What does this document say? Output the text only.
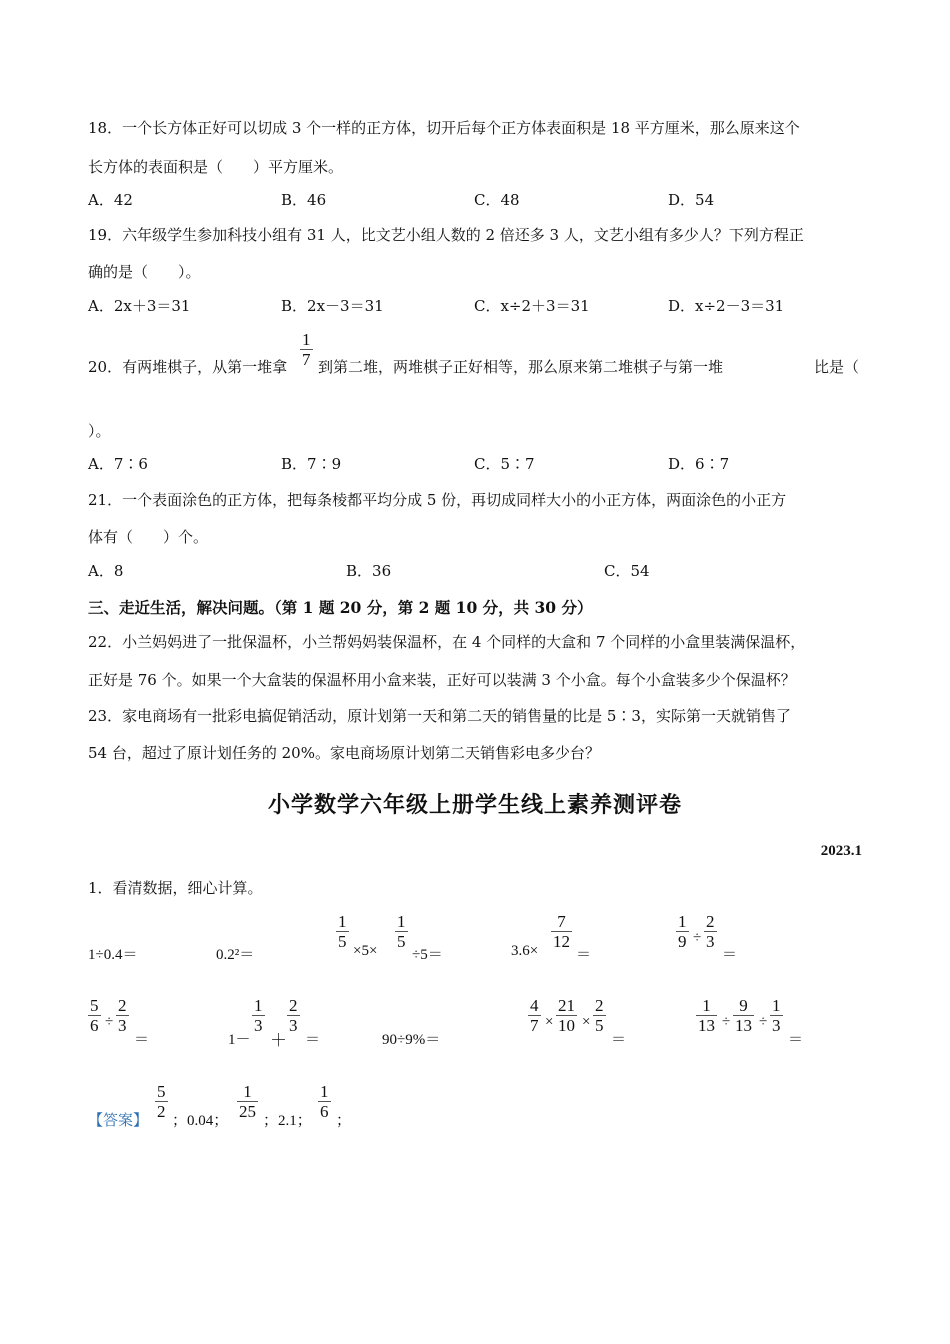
18．一个长方体正好可以切成 3 个一样的正方体，切开后每个正方体表面积是 18 平方厘米，那么原来这个
长方体的表面积是（　　）平方厘米。
A．42	B．46	C．48	D．54
19．六年级学生参加科技小组有 31 人，比文艺小组人数的 2 倍还多 3 人，文艺小组有多少人？下列方程正
确的是（　　）。
A．2x＋3＝31	B．2x－3＝31	C．x÷2＋3＝31	D．x÷2－3＝31
20．有两堆棋子，从第一堆拿
1
7 到第二堆，两堆棋子正好相等，那么原来第二堆棋子与第一堆	比是（
）。
A．7∶6	B．7∶9	C．5∶7	D．6∶7
21．一个表面涂色的正方体，把每条棱都平均分成 5 份，再切成同样大小的小正方体，两面涂色的小正方
体有（　　）个。
A．8	B．36	C．54
三、走近生活，解决问题。（第 1 题 20 分，第 2 题 10 分，共 30 分）
22．小兰妈妈进了一批保温杯，小兰帮妈妈装保温杯，在 4 个同样的大盒和 7 个同样的小盒里装满保温杯，
正好是 76 个。如果一个大盒装的保温杯用小盒来装，正好可以装满 3 个小盒。每个小盒装多少个保温杯？
23．家电商场有一批彩电搞促销活动，原计划第一天和第二天的销售量的比是 5∶3，实际第一天就销售了
54 台，超过了原计划任务的 20%。家电商场原计划第二天销售彩电多少台？
小学数学六年级上册学生线上素养测评卷
2023.1
1．看清数据，细心计算。
1÷0.4＝	0.2²＝
1
5 ×5×
1
5
÷5＝	3.6×
7
12
＝
1
9 ÷
2
3
＝
5
6 ÷
2
3
＝	1－
1
3
＋
2
3
＝	90÷9%＝
4
7 ×
21
10 ×
2
5
＝
1
13 ÷
9
13 ÷
1
3
＝
【答案】
5
2 ；0.04；
1
25 ；2.1；
1
6 ；
